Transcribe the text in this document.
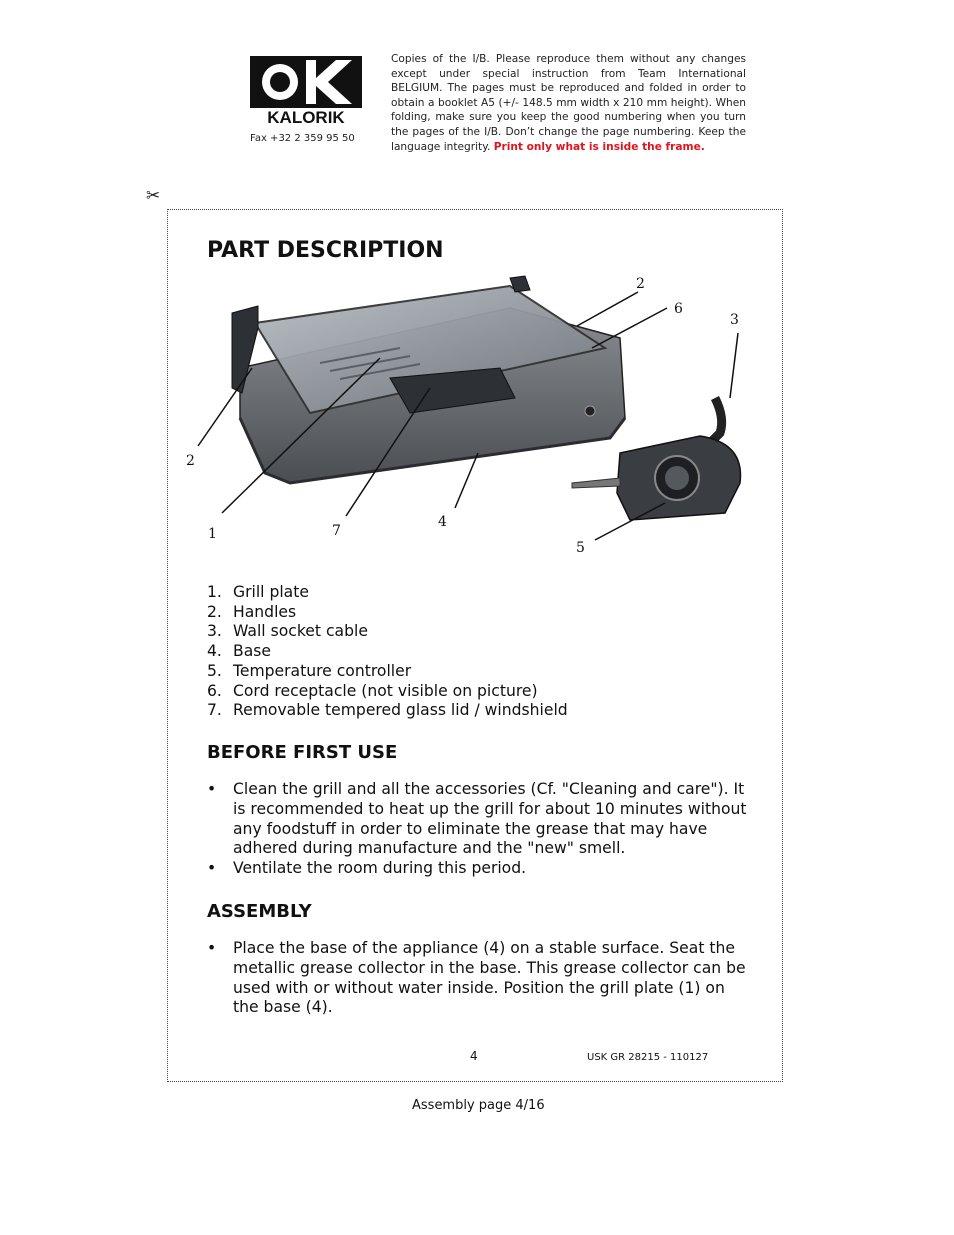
KALORIK
Fax +32 2 359 95 50
Copies of the I/B. Please reproduce them without any changes except under special instruction from Team International BELGIUM. The pages must be reproduced and folded in order to obtain a booklet A5 (+/- 148.5 mm width x 210 mm height). When folding, make sure you keep the good numbering when you turn the pages of the I/B. Don’t change the page numbering. Keep the language integrity. Print only what is inside the frame.
✂
PART DESCRIPTION
2
6
3
2
1	7
4
5
1. Grill plate
2. Handles
3. Wall socket cable
4. Base
5. Temperature controller
6. Cord receptacle (not visible on picture)
7. Removable tempered glass lid / windshield
BEFORE FIRST USE
• Clean the grill and all the accessories (Cf. "Cleaning and care"). It is recommended to heat up the grill for about 10 minutes without any foodstuff in order to eliminate the grease that may have adhered during manufacture and the "new" smell.
• Ventilate the room during this period.
ASSEMBLY
• Place the base of the appliance (4) on a stable surface. Seat the metallic grease collector in the base. This grease collector can be used with or without water inside. Position the grill plate (1) on the base (4).
4	USK GR 28215 - 110127
Assembly page 4/16
